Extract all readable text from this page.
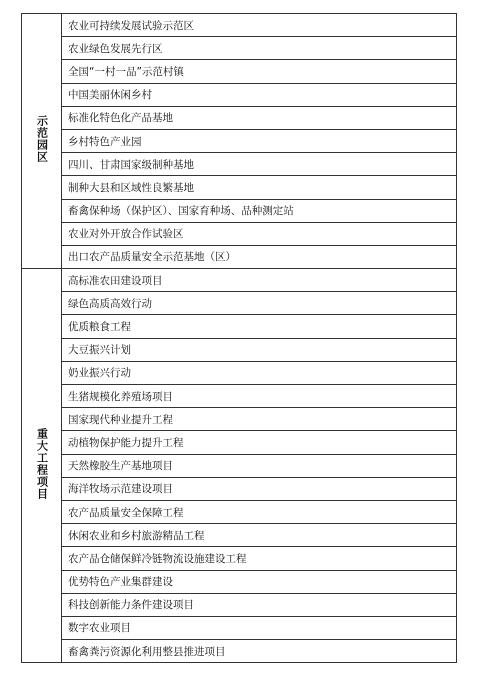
示范园区	农业可持续发展试验示范区
	农业绿色发展先行区
	全国“一村一品”示范村镇
	中国美丽休闲乡村
	标准化特色化产品基地
	乡村特色产业园
	四川、甘肃国家级制种基地
	制种大县和区域性良繁基地
	畜禽保种场（保护区）、国家育种场、品种测定站
	农业对外开放合作试验区
	出口农产品质量安全示范基地（区）
重大工程项目	高标准农田建设项目
	绿色高质高效行动
	优质粮食工程
	大豆振兴计划
	奶业振兴行动
	生猪规模化养殖场项目
	国家现代种业提升工程
	动植物保护能力提升工程
	天然橡胶生产基地项目
	海洋牧场示范建设项目
	农产品质量安全保障工程
	休闲农业和乡村旅游精品工程
	农产品仓储保鲜冷链物流设施建设工程
	优势特色产业集群建设
	科技创新能力条件建设项目
	数字农业项目
	畜禽粪污资源化利用整县推进项目
